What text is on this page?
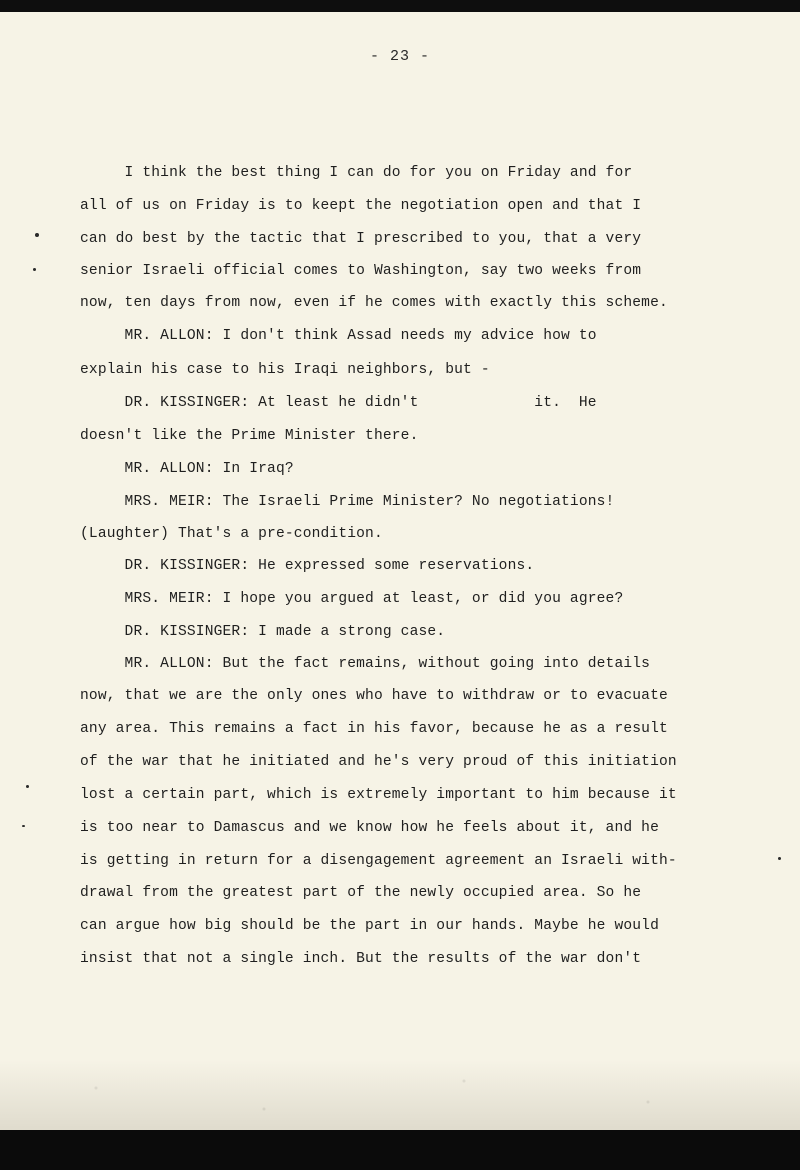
- 23 -
I think the best thing I can do for you on Friday and for
all of us on Friday is to keept the negotiation open and that I
can do best by the tactic that I prescribed to you, that a very
senior Israeli official comes to Washington, say two weeks from
now, ten days from now, even if he comes with exactly this scheme.
MR. ALLON: I don't think Assad needs my advice how to
explain his case to his Iraqi neighbors, but -
DR. KISSINGER: At least he didn't             it.  He
doesn't like the Prime Minister there.
MR. ALLON: In Iraq?
MRS. MEIR: The Israeli Prime Minister? No negotiations!
(Laughter) That's a pre-condition.
DR. KISSINGER: He expressed some reservations.
MRS. MEIR: I hope you argued at least, or did you agree?
DR. KISSINGER: I made a strong case.
MR. ALLON: But the fact remains, without going into details
now, that we are the only ones who have to withdraw or to evacuate
any area. This remains a fact in his favor, because he as a result
of the war that he initiated and he's very proud of this initiation
lost a certain part, which is extremely important to him because it
is too near to Damascus and we know how he feels about it, and he
is getting in return for a disengagement agreement an Israeli with-
drawal from the greatest part of the newly occupied area. So he
can argue how big should be the part in our hands. Maybe he would
insist that not a single inch. But the results of the war don't
